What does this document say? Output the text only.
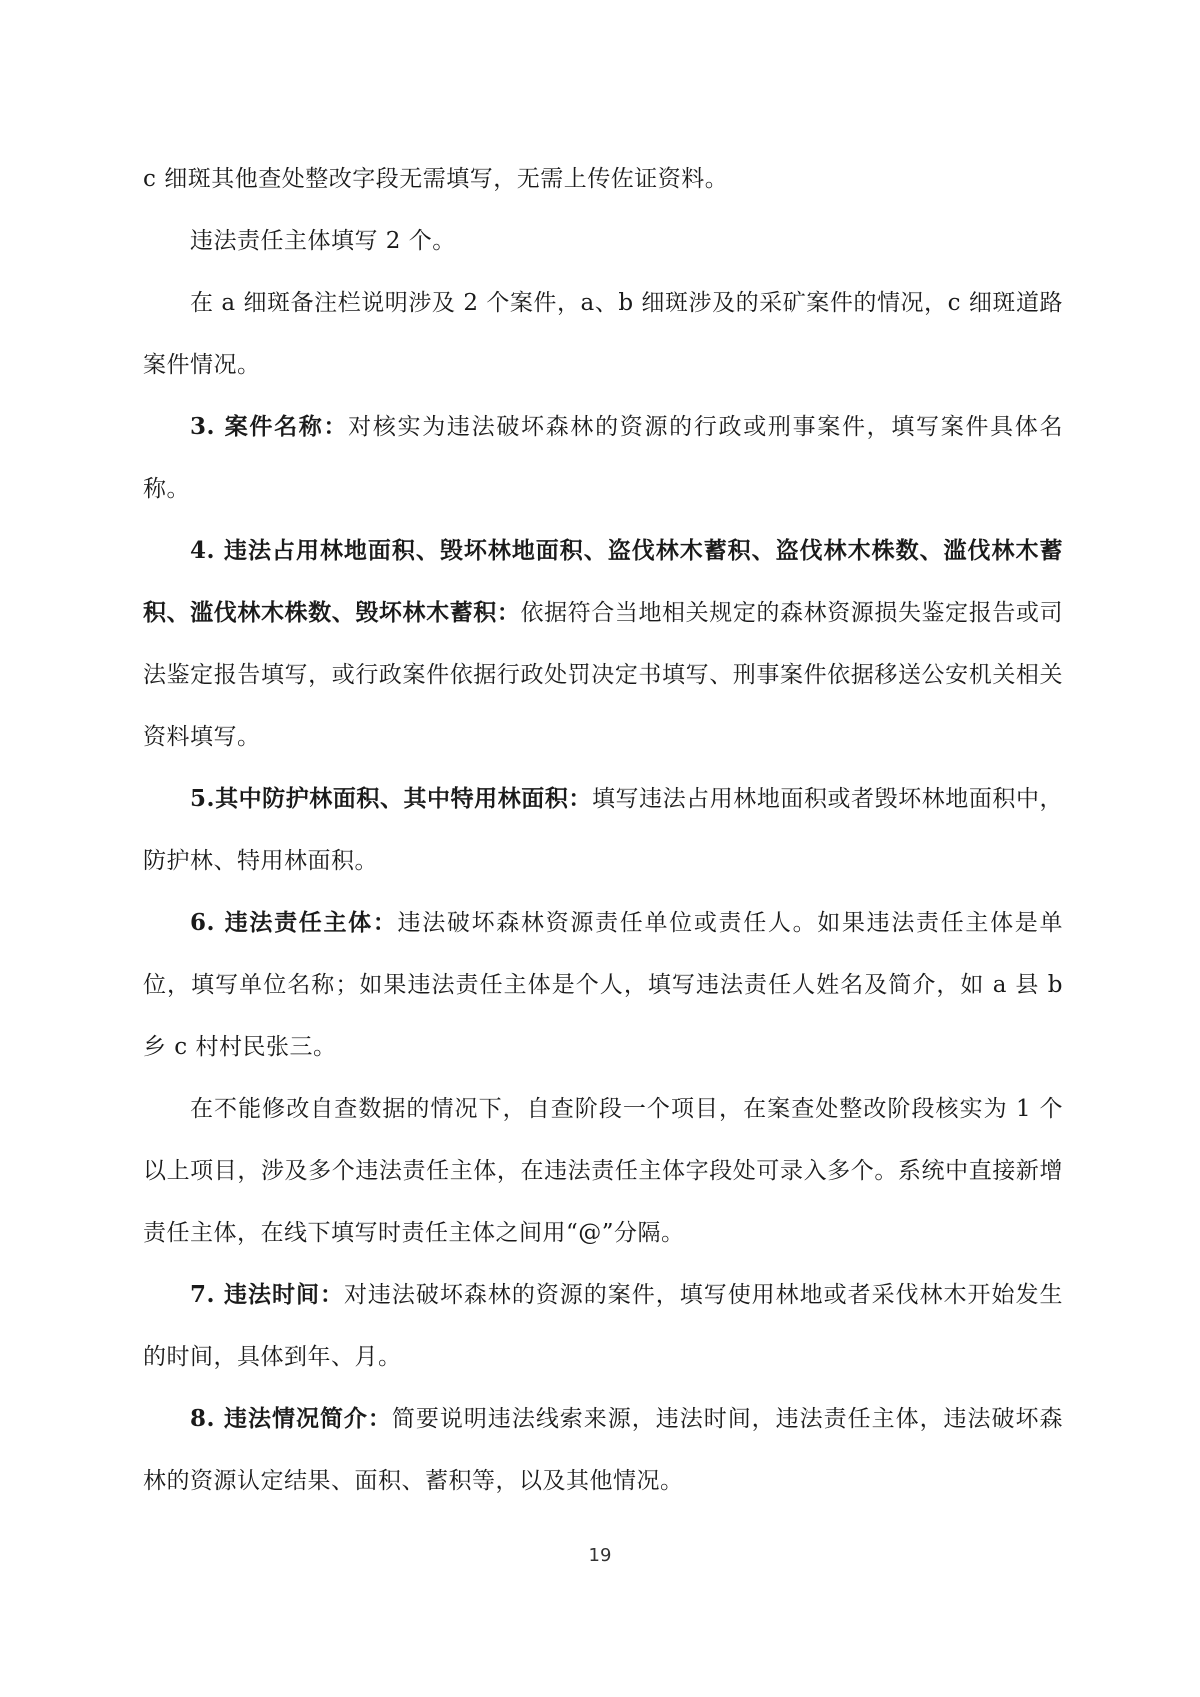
c 细斑其他查处整改字段无需填写，无需上传佐证资料。

违法责任主体填写 2 个。

在 a 细斑备注栏说明涉及 2 个案件，a、b 细斑涉及的采矿案件的情况，c 细斑道路案件情况。

3. 案件名称：对核实为违法破坏森林的资源的行政或刑事案件，填写案件具体名称。

4. 违法占用林地面积、毁坏林地面积、盗伐林木蓄积、盗伐林木株数、滥伐林木蓄积、滥伐林木株数、毁坏林木蓄积：依据符合当地相关规定的森林资源损失鉴定报告或司法鉴定报告填写，或行政案件依据行政处罚决定书填写、刑事案件依据移送公安机关相关资料填写。

5.其中防护林面积、其中特用林面积：填写违法占用林地面积或者毁坏林地面积中，防护林、特用林面积。

6. 违法责任主体：违法破坏森林资源责任单位或责任人。如果违法责任主体是单位，填写单位名称；如果违法责任主体是个人，填写违法责任人姓名及简介，如 a 县 b 乡 c 村村民张三。

在不能修改自查数据的情况下，自查阶段一个项目，在案查处整改阶段核实为 1 个以上项目，涉及多个违法责任主体，在违法责任主体字段处可录入多个。系统中直接新增责任主体，在线下填写时责任主体之间用“@”分隔。

7. 违法时间：对违法破坏森林的资源的案件，填写使用林地或者采伐林木开始发生的时间，具体到年、月。

8. 违法情况简介：简要说明违法线索来源，违法时间，违法责任主体，违法破坏森林的资源认定结果、面积、蓄积等，以及其他情况。

19
